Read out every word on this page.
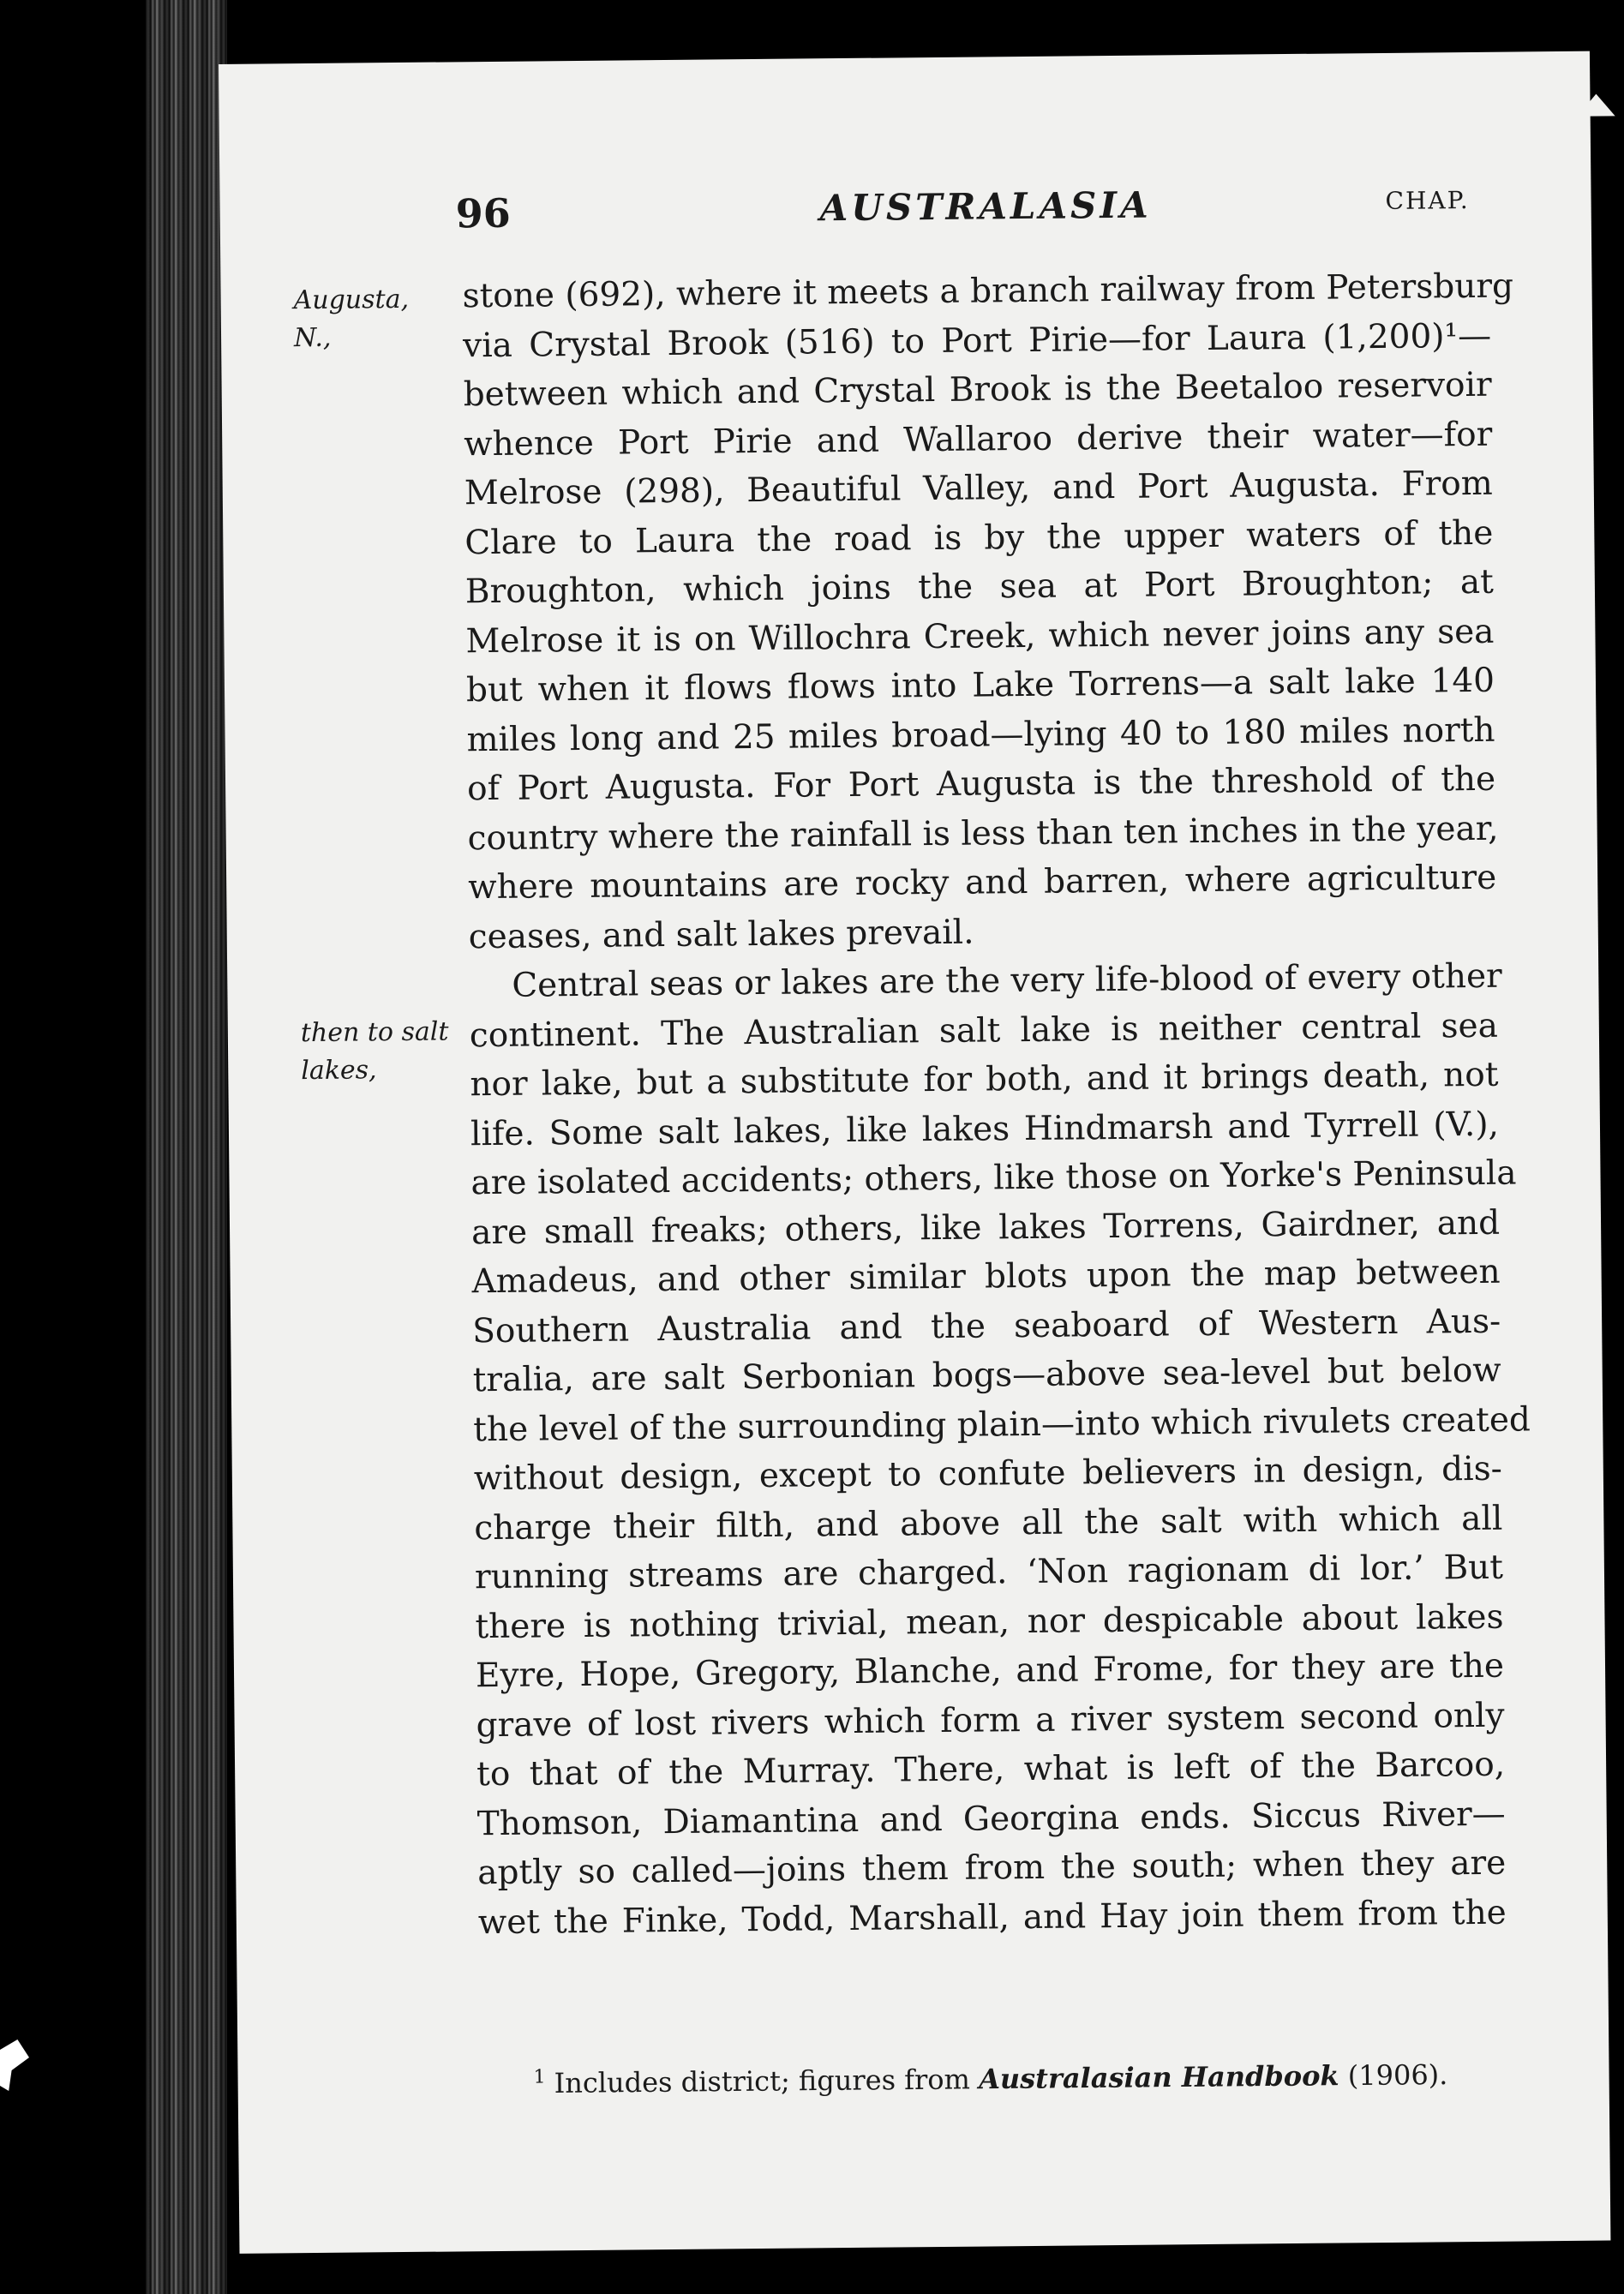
96	AUSTRALASIA	CHAP.
Augusta,
N.,
then to salt
lakes,
stone (692), where it meets a branch railway from Petersburg
via Crystal Brook (516) to Port Pirie—for Laura (1,200)¹—
between which and Crystal Brook is the Beetaloo reservoir
whence Port Pirie and Wallaroo derive their water—for
Melrose (298), Beautiful Valley, and Port Augusta. From
Clare to Laura the road is by the upper waters of the
Broughton, which joins the sea at Port Broughton; at
Melrose it is on Willochra Creek, which never joins any sea
but when it flows flows into Lake Torrens—a salt lake 140
miles long and 25 miles broad—lying 40 to 180 miles north
of Port Augusta. For Port Augusta is the threshold of the
country where the rainfall is less than ten inches in the year,
where mountains are rocky and barren, where agriculture
ceases, and salt lakes prevail.
Central seas or lakes are the very life-blood of every other
continent. The Australian salt lake is neither central sea
nor lake, but a substitute for both, and it brings death, not
life. Some salt lakes, like lakes Hindmarsh and Tyrrell (V.),
are isolated accidents; others, like those on Yorke's Peninsula
are small freaks; others, like lakes Torrens, Gairdner, and
Amadeus, and other similar blots upon the map between
Southern Australia and the seaboard of Western Aus-
tralia, are salt Serbonian bogs—above sea-level but below
the level of the surrounding plain—into which rivulets created
without design, except to confute believers in design, dis-
charge their filth, and above all the salt with which all
running streams are charged. ‘Non ragionam di lor.’ But
there is nothing trivial, mean, nor despicable about lakes
Eyre, Hope, Gregory, Blanche, and Frome, for they are the
grave of lost rivers which form a river system second only
to that of the Murray. There, what is left of the Barcoo,
Thomson, Diamantina and Georgina ends. Siccus River—
aptly so called—joins them from the south; when they are
wet the Finke, Todd, Marshall, and Hay join them from the
$^1$ Includes district; figures from Australasian Handbook (1906).
